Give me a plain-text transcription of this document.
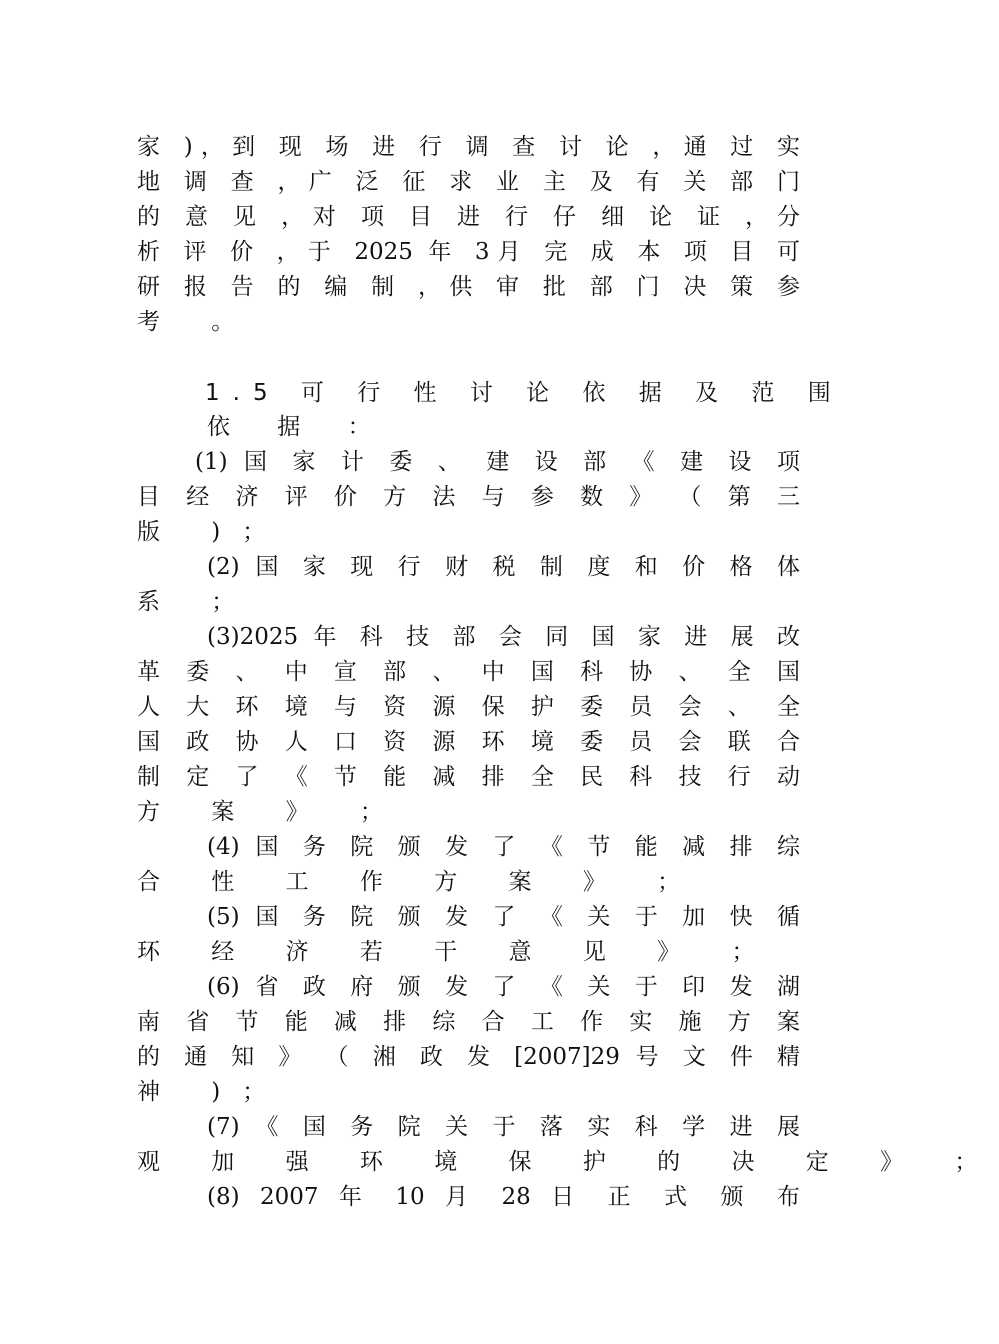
家 )，到 现 场 进 行 调 查 讨 论 ，通 过 实
地 调 查 ，广 泛 征 求 业 主 及 有 关 部 门
的 意 见 ，对 项 目 进 行 仔 细 论 证 ，分
析 评 价 ，于 2025 年 3月 完 成 本 项 目 可
研 报 告 的 编 制 ，供 审 批 部 门 决 策 参
考 。
1.5 可 行 性 讨 论 依 据 及 范 围
依 据 ：
(1) 国 家 计 委 、 建 设 部 《 建 设 项
目 经 济 评 价 方 法 与 参 数 》 （ 第 三
版 )；
(2) 国 家 现 行 财 税 制 度 和 价 格 体
系 ；
(3)2025 年 科 技 部 会 同 国 家 进 展 改
革 委 、 中 宣 部 、 中 国 科 协 、 全 国
人 大 环 境 与 资 源 保 护 委 员 会 、 全
国 政 协 人 口 资 源 环 境 委 员 会 联 合
制 定 了 《 节 能 减 排 全 民 科 技 行 动
方 案 》 ；
(4) 国 务 院 颁 发 了 《 节 能 减 排 综
合 性 工 作 方 案 》 ；
(5) 国 务 院 颁 发 了 《 关 于 加 快 循
环 经 济 若 干 意 见 》 ；
(6) 省 政 府 颁 发 了 《 关 于 印 发 湖
南 省 节 能 减 排 综 合 工 作 实 施 方 案
的 通 知 》 （ 湘 政 发 [2007]29 号 文 件 精
神 )；
(7) 《 国 务 院 关 于 落 实 科 学 进 展
观 加 强 环 境 保 护 的 决 定 》 ；
(8) 2007 年 10 月 28 日 正 式 颁 布
